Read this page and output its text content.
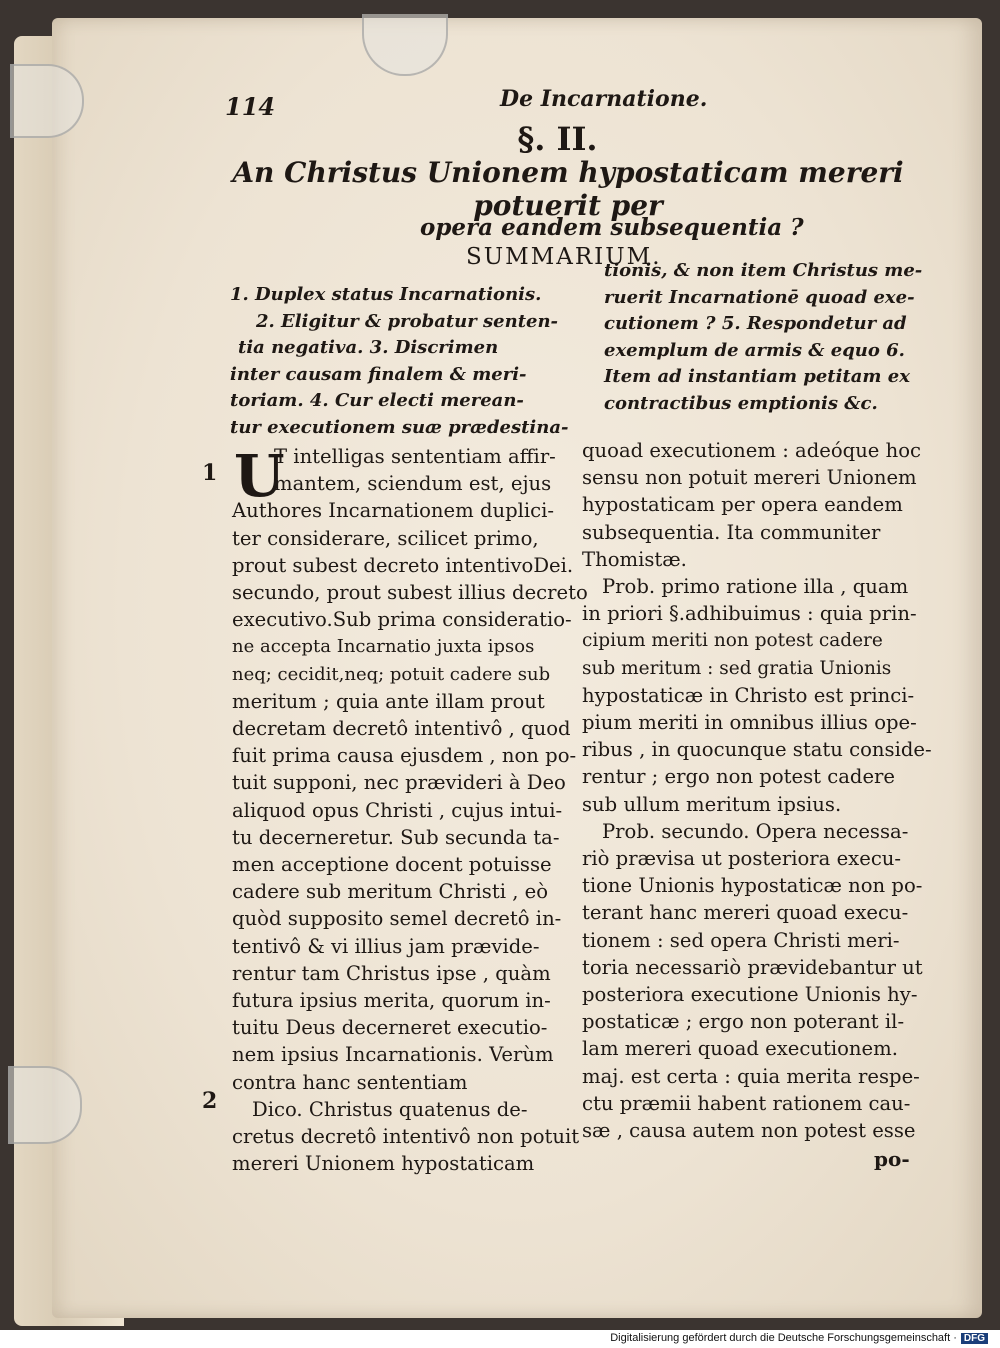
114	De Incarnatione.
§. II.
An Christus Unionem hypostaticam mereri potuerit per
opera eandem subsequentia ?
SUMMARIUM.
1. Duplex status Incarnationis.
2. Eligitur & probatur senten-
tia negativa. 3. Discrimen
inter causam finalem & meri-
toriam. 4. Cur electi merean-
tur executionem suæ prædestina-
tionis, & non item Christus me-
ruerit Incarnationē quoad exe-
cutionem ? 5. Respondetur ad
exemplum de armis & equo 6.
Item ad instantiam petitam ex
contractibus emptionis &c.
1
2
U
T intelligas sententiam affir-
mantem, sciendum est, ejus
Authores Incarnationem duplici-
ter considerare, scilicet primo,
prout subest decreto intentivoDei.
secundo, prout subest illius decreto
executivo.Sub prima consideratio-
ne accepta Incarnatio juxta ipsos
neq; cecidit,neq; potuit cadere sub
meritum ; quia ante illam prout
decretam decretô intentivô , quod
fuit prima causa ejusdem , non po-
tuit supponi, nec prævideri à Deo
aliquod opus Christi , cujus intui-
tu decerneretur. Sub secunda ta-
men acceptione docent potuisse
cadere sub meritum Christi , eò
quòd supposito semel decretô in-
tentivô & vi illius jam prævide-
rentur tam Christus ipse , quàm
futura ipsius merita, quorum in-
tuitu Deus decerneret executio-
nem ipsius Incarnationis. Verùm
contra hanc sententiam
Dico. Christus quatenus de-
cretus decretô intentivô non potuit
mereri Unionem hypostaticam
quoad executionem : adeóque hoc
sensu non potuit mereri Unionem
hypostaticam per opera eandem
subsequentia. Ita communiter
Thomistæ.
Prob. primo ratione illa , quam
in priori §.adhibuimus : quia prin-
cipium meriti non potest cadere
sub meritum : sed gratia Unionis
hypostaticæ in Christo est princi-
pium meriti in omnibus illius ope-
ribus , in quocunque statu conside-
rentur ; ergo non potest cadere
sub ullum meritum ipsius.
Prob. secundo. Opera necessa-
riò prævisa ut posteriora execu-
tione Unionis hypostaticæ non po-
terant hanc mereri quoad execu-
tionem : sed opera Christi meri-
toria necessariò prævidebantur ut
posteriora executione Unionis hy-
postaticæ ; ergo non poterant il-
lam mereri quoad executionem.
maj. est certa : quia merita respe-
ctu præmii habent rationem cau-
sæ , causa autem non potest esse
po-
Digitalisierung gefördert durch die Deutsche Forschungsgemeinschaft · DFG
